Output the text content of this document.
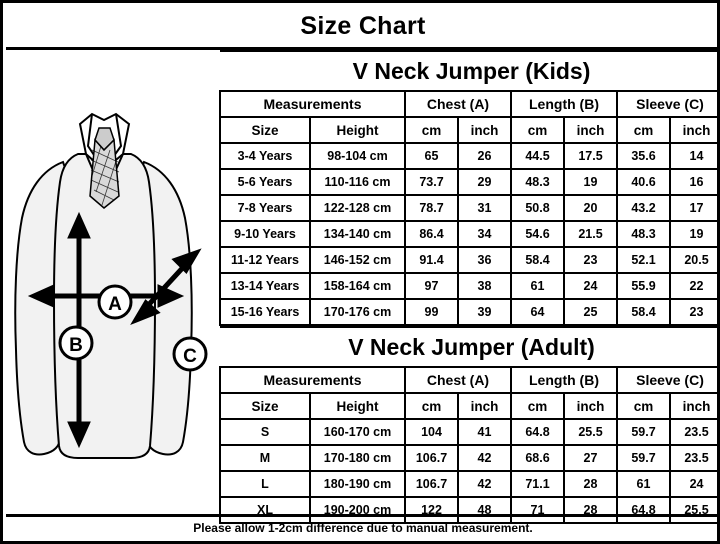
Size Chart
A
B
C
V Neck Jumper (Kids)							
Measurements		Chest (A)		Length (B)		Sleeve (C)	
Size	Height	cm	inch	cm	inch	cm	inch
3-4 Years	98-104 cm	65	26	44.5	17.5	35.6	14
5-6 Years	110-116 cm	73.7	29	48.3	19	40.6	16
7-8 Years	122-128 cm	78.7	31	50.8	20	43.2	17
9-10 Years	134-140 cm	86.4	34	54.6	21.5	48.3	19
11-12 Years	146-152 cm	91.4	36	58.4	23	52.1	20.5
13-14 Years	158-164 cm	97	38	61	24	55.9	22
15-16 Years	170-176 cm	99	39	64	25	58.4	23
V Neck Jumper (Adult)							
Measurements		Chest (A)		Length (B)		Sleeve (C)	
Size	Height	cm	inch	cm	inch	cm	inch
S	160-170 cm	104	41	64.8	25.5	59.7	23.5
M	170-180 cm	106.7	42	68.6	27	59.7	23.5
L	180-190 cm	106.7	42	71.1	28	61	24
XL	190-200 cm	122	48	71	28	64.8	25.5
Please allow 1-2cm difference due to manual measurement.
